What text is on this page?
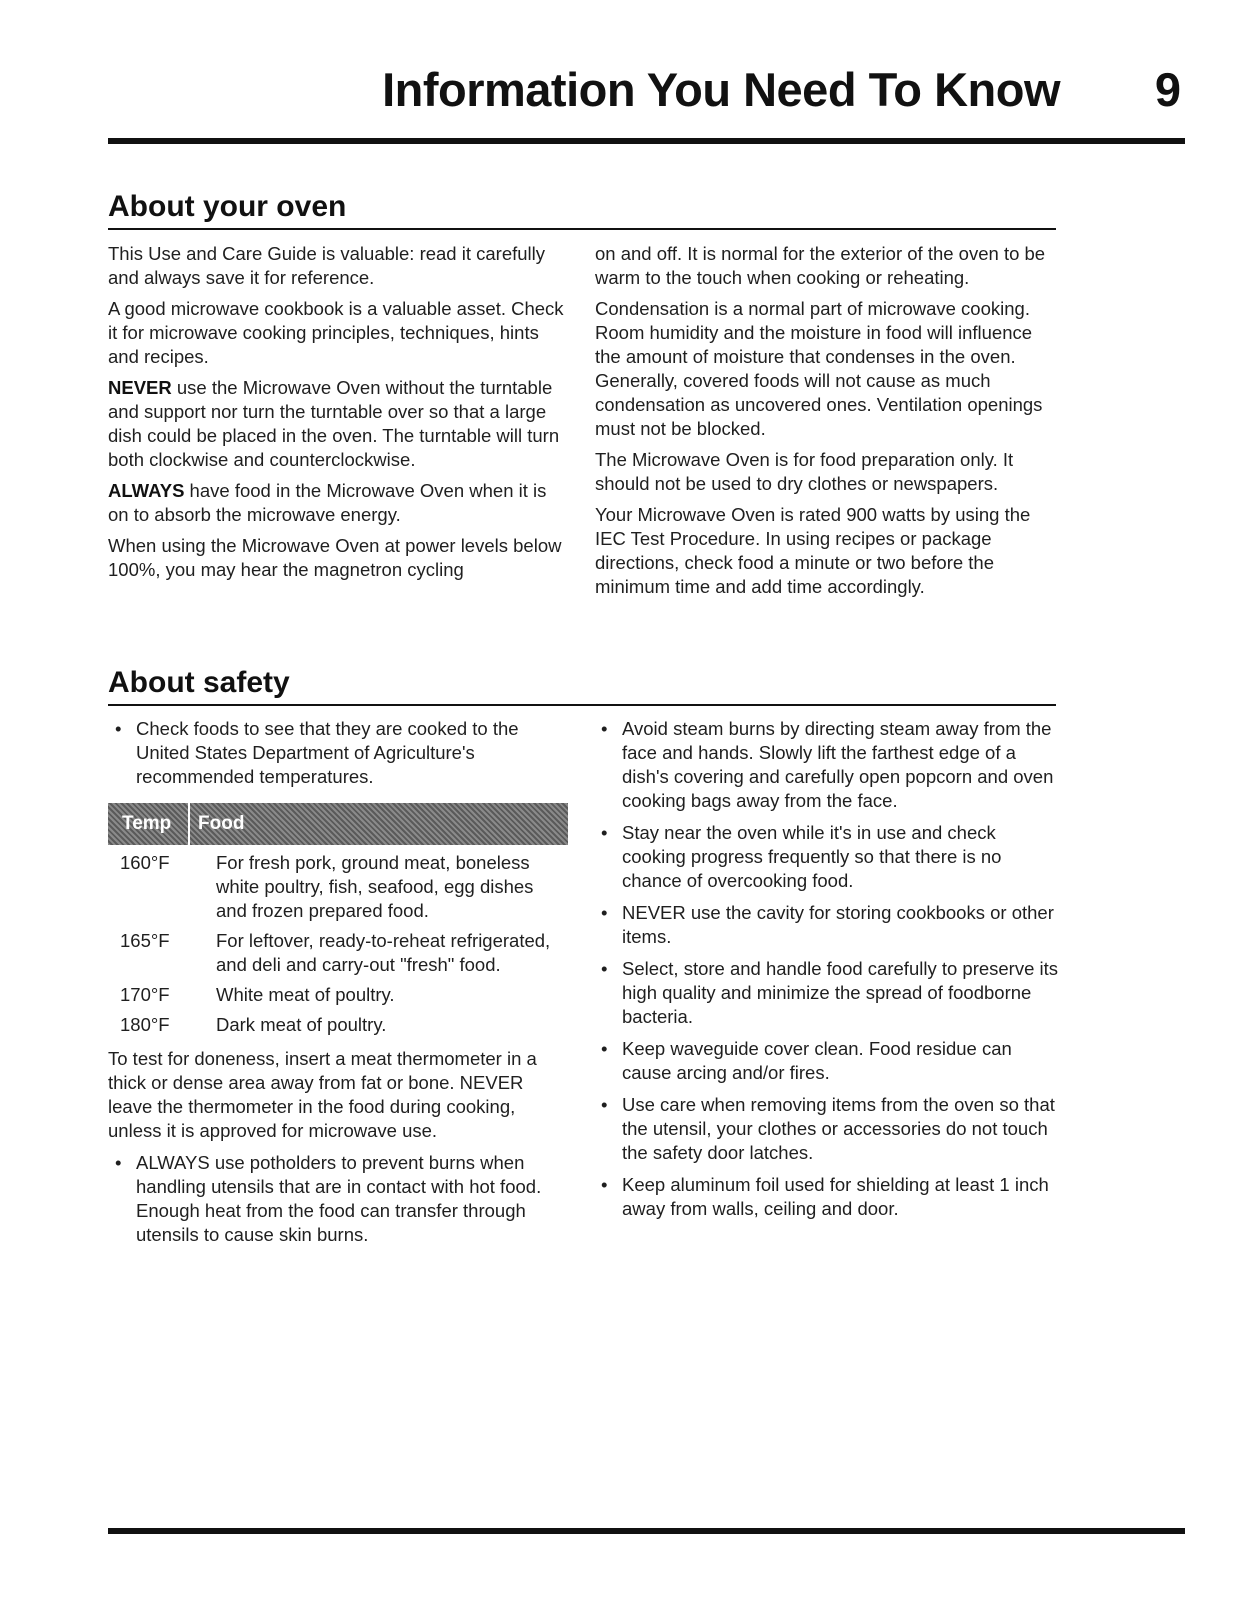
Information You Need To Know 9
About your oven

This Use and Care Guide is valuable: read it carefully and always save it for reference.

A good microwave cookbook is a valuable asset. Check it for microwave cooking principles, techniques, hints and recipes.

NEVER use the Microwave Oven without the turntable and support nor turn the turntable over so that a large dish could be placed in the oven. The turntable will turn both clockwise and counterclockwise.

ALWAYS have food in the Microwave Oven when it is on to absorb the microwave energy.

When using the Microwave Oven at power levels below 100%, you may hear the magnetron cycling

on and off. It is normal for the exterior of the oven to be warm to the touch when cooking or reheating.

Condensation is a normal part of microwave cooking. Room humidity and the moisture in food will influence the amount of moisture that condenses in the oven. Generally, covered foods will not cause as much condensation as uncovered ones. Ventilation openings must not be blocked.

The Microwave Oven is for food preparation only. It should not be used to dry clothes or newspapers.

Your Microwave Oven is rated 900 watts by using the IEC Test Procedure. In using recipes or package directions, check food a minute or two before the minimum time and add time accordingly.

About safety
• Check foods to see that they are cooked to the United States Department of Agriculture's recommended temperatures.
Temp	Food
160°F	For fresh pork, ground meat, boneless white poultry, fish, seafood, egg dishes and frozen prepared food.
165°F	For leftover, ready-to-reheat refrigerated, and deli and carry-out "fresh" food.
170°F	White meat of poultry.
180°F	Dark meat of poultry.

To test for doneness, insert a meat thermometer in a thick or dense area away from fat or bone. NEVER leave the thermometer in the food during cooking, unless it is approved for microwave use.

• ALWAYS use potholders to prevent burns when handling utensils that are in contact with hot food. Enough heat from the food can transfer through utensils to cause skin burns.
• Avoid steam burns by directing steam away from the face and hands. Slowly lift the farthest edge of a dish's covering and carefully open popcorn and oven cooking bags away from the face.
• Stay near the oven while it's in use and check cooking progress frequently so that there is no chance of overcooking food.
• NEVER use the cavity for storing cookbooks or other items.
• Select, store and handle food carefully to preserve its high quality and minimize the spread of foodborne bacteria.
• Keep waveguide cover clean. Food residue can cause arcing and/or fires.
• Use care when removing items from the oven so that the utensil, your clothes or accessories do not touch the safety door latches.
• Keep aluminum foil used for shielding at least 1 inch away from walls, ceiling and door.
